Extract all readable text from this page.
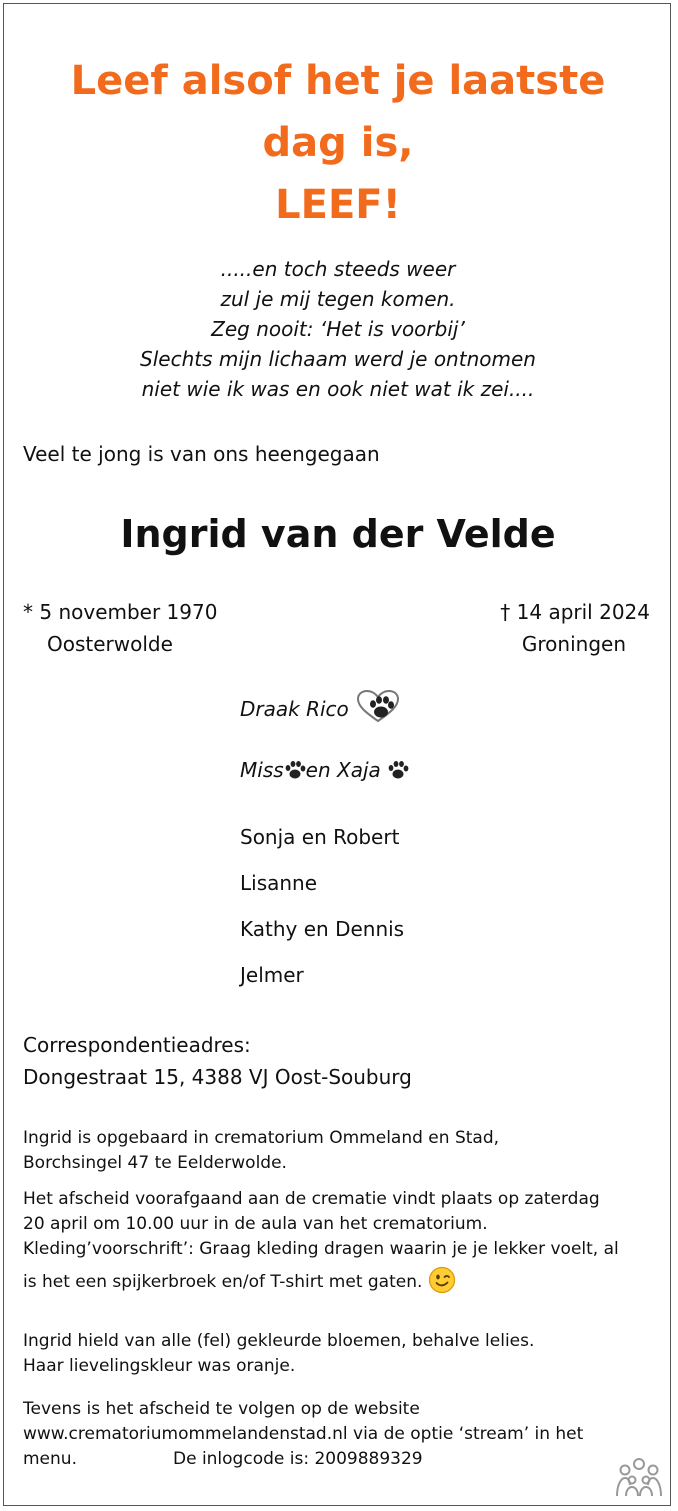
Leef alsof het je laatste
dag is,
LEEF!
.....en toch steeds weer
zul je mij tegen komen.
Zeg nooit: ‘Het is voorbij’
Slechts mijn lichaam werd je ontnomen
niet wie ik was en ook niet wat ik zei....
Veel te jong is van ons heengegaan
Ingrid van der Velde
* 5 november 1970
Oosterwolde
† 14 april 2024
Groningen
Draak Rico
Miss en Xaja
Sonja en Robert
Lisanne
Kathy en Dennis
Jelmer
Correspondentieadres:
Dongestraat 15, 4388 VJ Oost-Souburg
Ingrid is opgebaard in crematorium Ommeland en Stad,
Borchsingel 47 te Eelderwolde.
Het afscheid voorafgaand aan de crematie vindt plaats op zaterdag
20 april om 10.00 uur in de aula van het crematorium.
Kleding’voorschrift’: Graag kleding dragen waarin je je lekker voelt, al
is het een spijkerbroek en/of T-shirt met gaten.
Ingrid hield van alle (fel) gekleurde bloemen, behalve lelies.
Haar lievelingskleur was oranje.
Tevens is het afscheid te volgen op de website
www.crematoriumommelandenstad.nl via de optie ‘stream’ in het
menu.	De inlogcode is: 2009889329
